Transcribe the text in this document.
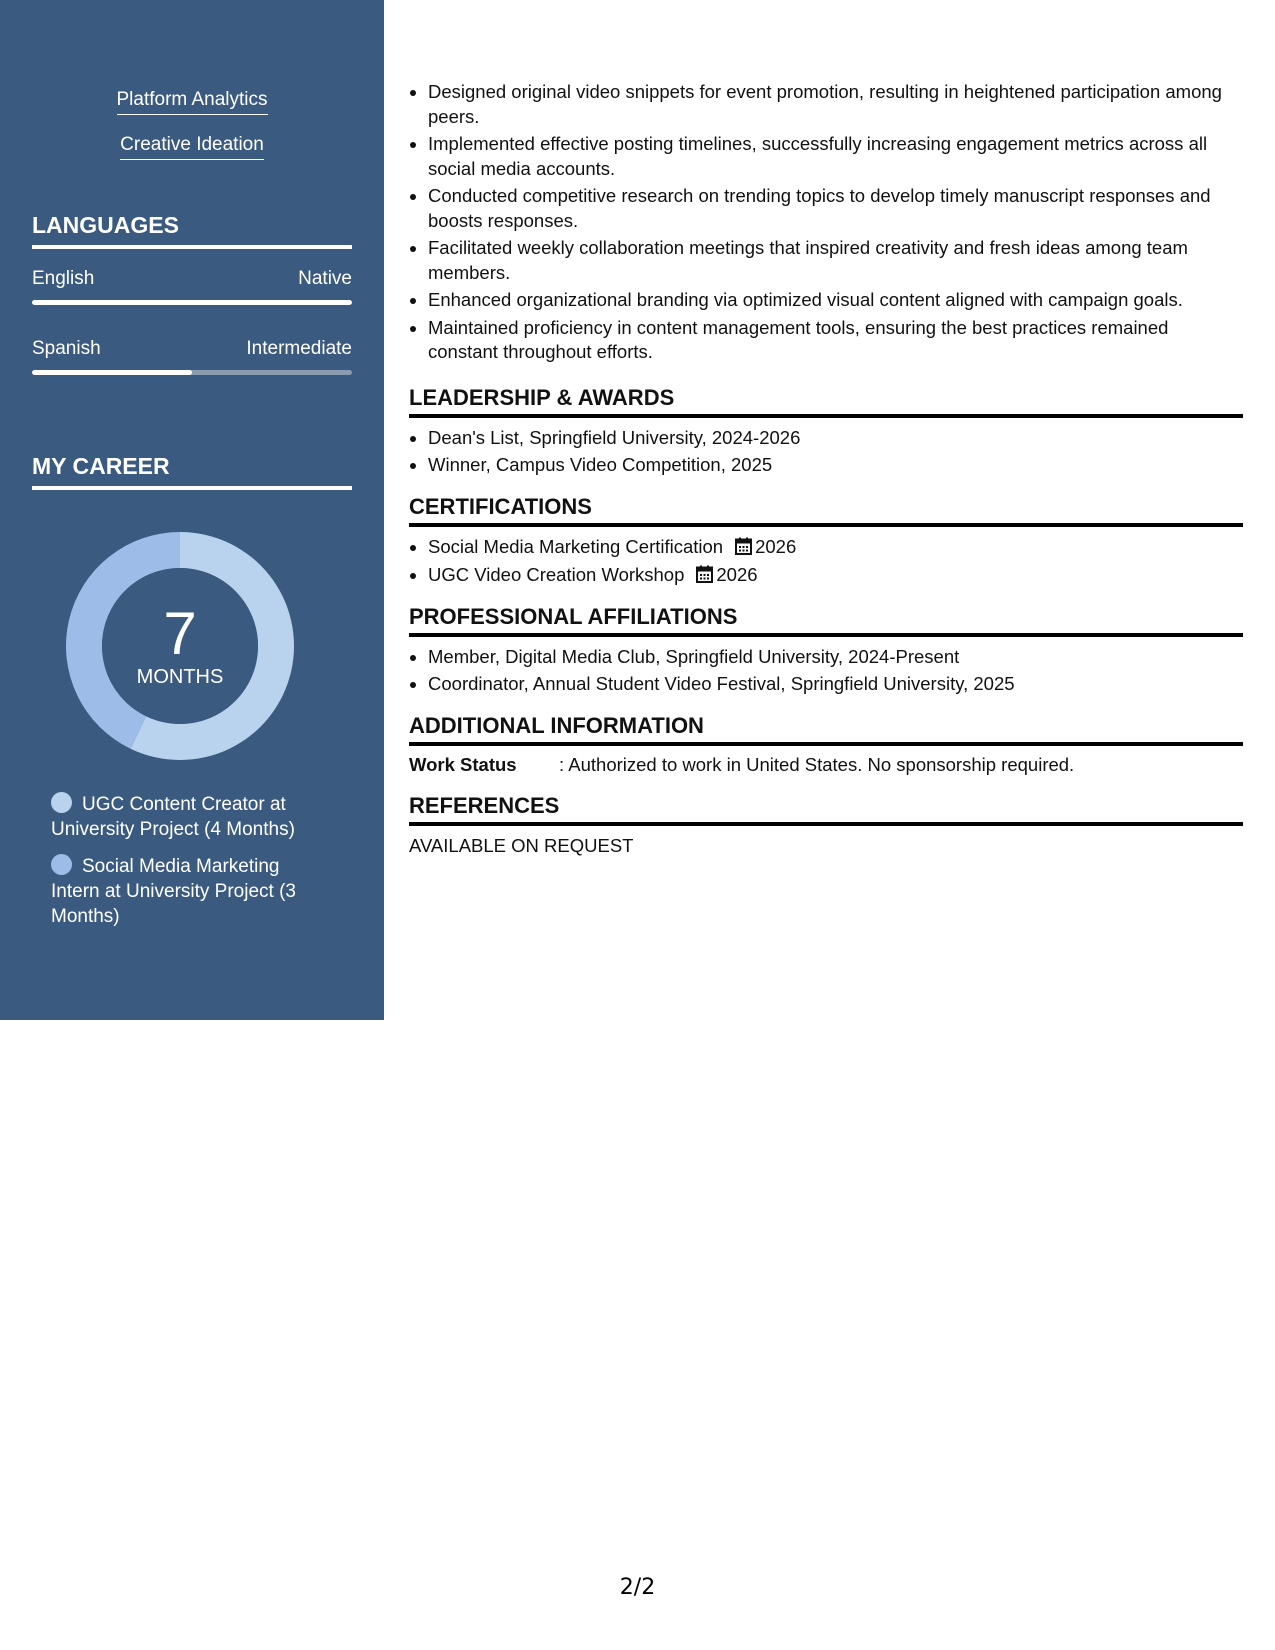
Platform Analytics
Creative Ideation
LANGUAGES
English	Native
Spanish	Intermediate
MY CAREER
7
MONTHS
UGC Content Creator at University Project (4 Months)
Social Media Marketing Intern at University Project (3 Months)
Designed original video snippets for event promotion, resulting in heightened participation among peers.
Implemented effective posting timelines, successfully increasing engagement metrics across all social media accounts.
Conducted competitive research on trending topics to develop timely manuscript responses and boosts responses.
Facilitated weekly collaboration meetings that inspired creativity and fresh ideas among team members.
Enhanced organizational branding via optimized visual content aligned with campaign goals.
Maintained proficiency in content management tools, ensuring the best practices remained constant throughout efforts.
LEADERSHIP & AWARDS
Dean's List, Springfield University, 2024-2026
Winner, Campus Video Competition, 2025
CERTIFICATIONS
Social Media Marketing Certification 2026
UGC Video Creation Workshop 2026
PROFESSIONAL AFFILIATIONS
Member, Digital Media Club, Springfield University, 2024-Present
Coordinator, Annual Student Video Festival, Springfield University, 2025
ADDITIONAL INFORMATION
Work Status : Authorized to work in United States. No sponsorship required.
REFERENCES
AVAILABLE ON REQUEST
2/2
